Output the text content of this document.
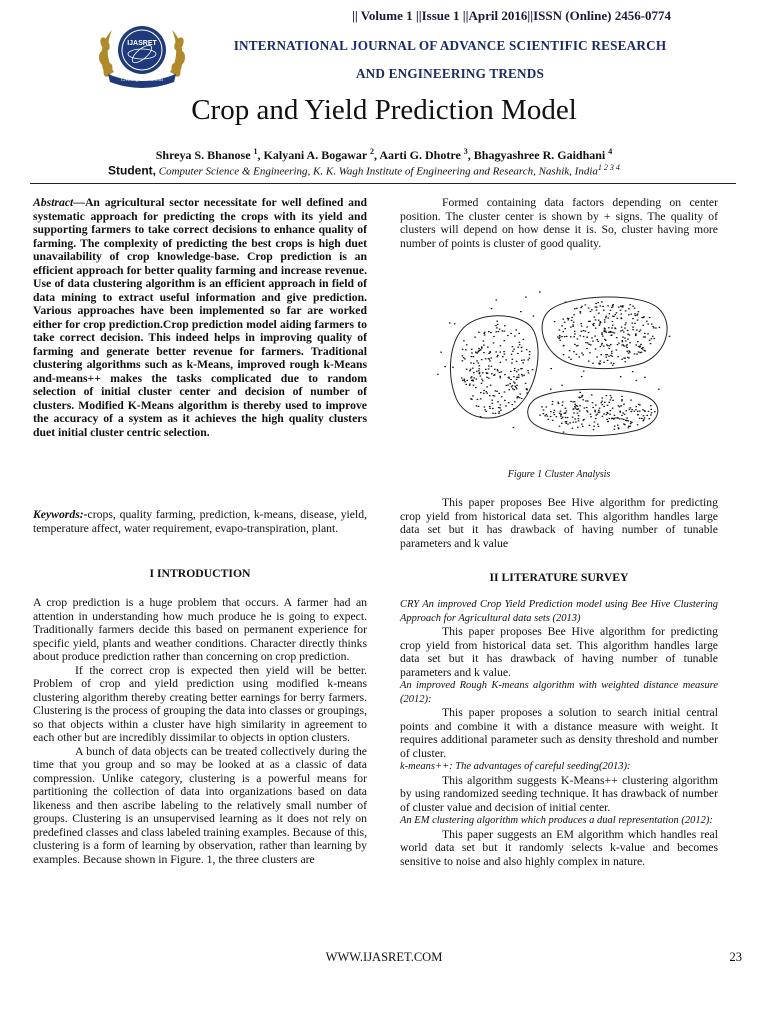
|| Volume 1 ||Issue 1 ||April 2016||ISSN (Online) 2456-0774
IJASRET
Creating Innovations
INTERNATIONAL JOURNAL OF ADVANCE SCIENTIFIC RESEARCH
AND ENGINEERING TRENDS
Crop and Yield Prediction Model
Shreya S. Bhanose $^1$, Kalyani A. Bogawar $^2$, Aarti G. Dhotre $^3$, Bhagyashree R. Gaidhani $^4$
Student, Computer Science & Engineering, K. K. Wagh Institute of Engineering and Research, Nashik, India$^{1 2 3 4}$
Abstract—An agricultural sector necessitate for well defined and systematic approach for predicting the crops with its yield and supporting farmers to take correct decisions to enhance quality of farming. The complexity of predicting the best crops is high duet unavailability of crop knowledge-base. Crop prediction is an efficient approach for better quality farming and increase revenue. Use of data clustering algorithm is an efficient approach in field of data mining to extract useful information and give prediction. Various approaches have been implemented so far are worked either for crop prediction.Crop prediction model aiding farmers to take correct decision. This indeed helps in improving quality of farming and generate better revenue for farmers. Traditional clustering algorithms such as k-Means, improved rough k-Means and-means++ makes the tasks complicated due to random selection of initial cluster center and decision of number of clusters. Modified K-Means algorithm is thereby used to improve the accuracy of a system as it achieves the high quality clusters duet initial cluster centric selection.
Keywords:-crops, quality farming, prediction, k-means, disease, yield, temperature affect, water requirement, evapo-transpiration, plant.
I INTRODUCTION

A crop prediction is a huge problem that occurs. A farmer had an attention in understanding how much produce he is going to expect. Traditionally farmers decide this based on permanent experience for specific yield, plants and weather conditions. Character directly thinks about produce prediction rather than concerning on crop prediction.

If the correct crop is expected then yield will be better. Problem of crop and yield prediction using modified k-means clustering algorithm thereby creating better earnings for berry farmers. Clustering is the process of grouping the data into classes or groupings, so that objects within a cluster have high similarity in agreement to each other but are incredibly dissimilar to objects in option clusters.

A bunch of data objects can be treated collectively during the time that you group and so may be looked at as a classic of data compression. Unlike category, clustering is a powerful means for partitioning the collection of data into organizations based on data likeness and then ascribe labeling to the relatively small number of groups. Clustering is an unsupervised learning as it does not rely on predefined classes and class labeled training examples. Because of this, clustering is a form of learning by observation, rather than learning by examples. Because shown in Figure. 1, the three clusters are

Formed containing data factors depending on center position. The cluster center is shown by + signs. The quality of clusters will depend on how dense it is. So, cluster having more number of points is cluster of good quality.

Figure 1 Cluster Analysis

This paper proposes Bee Hive algorithm for predicting crop yield from historical data set. This algorithm handles large data set but it has drawback of having number of tunable parameters and k value

II LITERATURE SURVEY

CRY An improved Crop Yield Prediction model using Bee Hive Clustering Approach for Agricultural data sets (2013)

This paper proposes Bee Hive algorithm for predicting crop yield from historical data set. This algorithm handles large data set but it has drawback of having number of tunable parameters and k value.

An improved Rough K-means algorithm with weighted distance measure (2012):

This paper proposes a solution to search initial central points and combine it with a distance measure with weight. It requires additional parameter such as density threshold and number of cluster.

k-means++: The advantages of careful seeding(2013):

This algorithm suggests K-Means++ clustering algorithm by using randomized seeding technique. It has drawback of number of cluster value and decision of initial center.

An EM clustering algorithm which produces a dual representation (2012):

This paper suggests an EM algorithm which handles real world data set but it randomly selects k-value and becomes sensitive to noise and also highly complex in nature.

WWW.IJASRET.COM	23
